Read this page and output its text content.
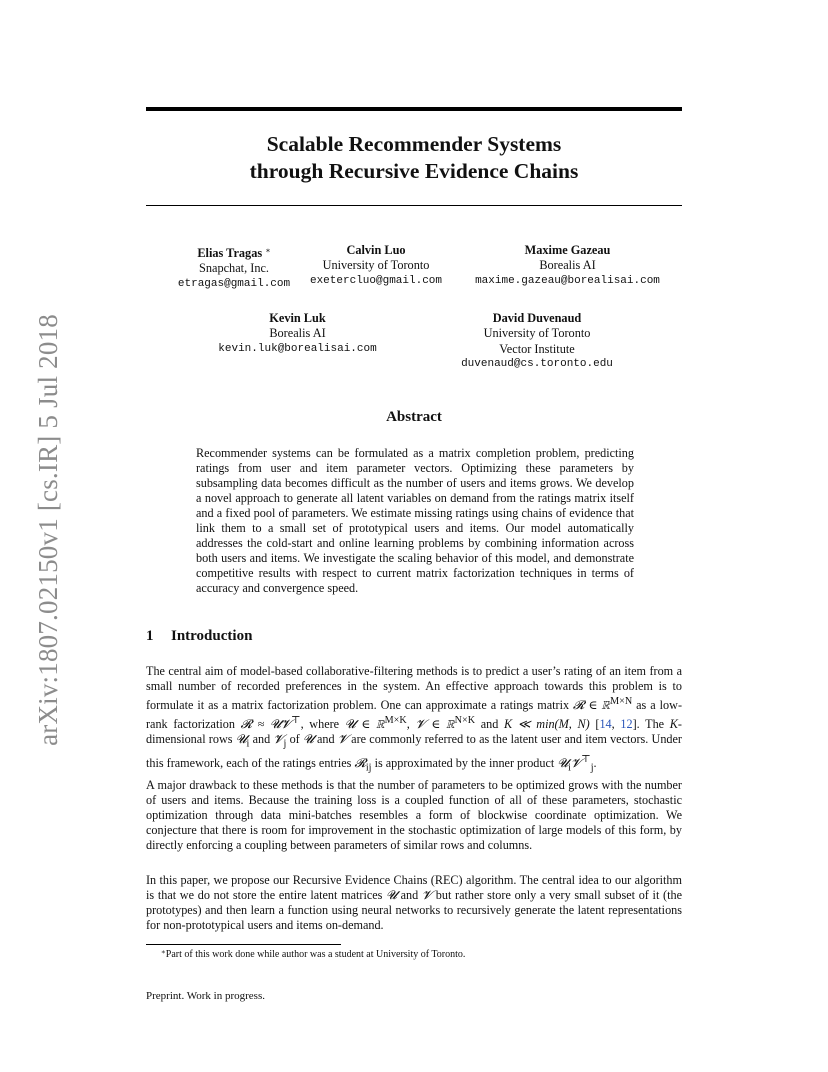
arXiv:1807.02150v1 [cs.IR] 5 Jul 2018
Scalable Recommender Systems
through Recursive Evidence Chains
Elias Tragas ∗
Snapchat, Inc.
etragas@gmail.com
Calvin Luo
University of Toronto
exetercluo@gmail.com
Maxime Gazeau
Borealis AI
maxime.gazeau@borealisai.com
Kevin Luk
Borealis AI
kevin.luk@borealisai.com
David Duvenaud
University of Toronto
Vector Institute
duvenaud@cs.toronto.edu
Abstract
Recommender systems can be formulated as a matrix completion problem, predicting ratings from user and item parameter vectors. Optimizing these parameters by subsampling data becomes difficult as the number of users and items grows. We develop a novel approach to generate all latent variables on demand from the ratings matrix itself and a fixed pool of parameters. We estimate missing ratings using chains of evidence that link them to a small set of prototypical users and items. Our model automatically addresses the cold-start and online learning problems by combining information across both users and items. We investigate the scaling behavior of this model, and demonstrate competitive results with respect to current matrix factorization techniques in terms of accuracy and convergence speed.
1 Introduction

The central aim of model-based collaborative-filtering methods is to predict a user’s rating of an item from a small number of recorded preferences in the system. An effective approach towards this problem is to formulate it as a matrix factorization problem. One can approximate a ratings matrix 𝓡 ∈ ℝ$^{M\times N}$ as a low-rank factorization 𝓡 ≈ 𝓤𝓥⊤, where 𝓤 ∈ ℝ$^{M\times K}$, 𝓥 ∈ ℝ$^{N\times K}$ and K ≪ min(M, N) [14, 12]. The K-dimensional rows 𝓤$_i$ and 𝓥$_j$ of 𝓤 and 𝓥 are commonly referred to as the latent user and item vectors. Under this framework, each of the ratings entries 𝓡$_{ij}$ is approximated by the inner product 𝓤$_i$𝓥⊤$_j$.

A major drawback to these methods is that the number of parameters to be optimized grows with the number of users and items. Because the training loss is a coupled function of all of these parameters, stochastic optimization through data mini-batches resembles a form of blockwise coordinate optimization. We conjecture that there is room for improvement in the stochastic optimization of large models of this form, by directly enforcing a coupling between parameters of similar rows and columns.

In this paper, we propose our Recursive Evidence Chains (REC) algorithm. The central idea to our algorithm is that we do not store the entire latent matrices 𝓤 and 𝓥 but rather store only a very small subset of it (the prototypes) and then learn a function using neural networks to recursively generate the latent representations for non-prototypical users and items on-demand.

∗Part of this work done while author was a student at University of Toronto.
Preprint. Work in progress.
